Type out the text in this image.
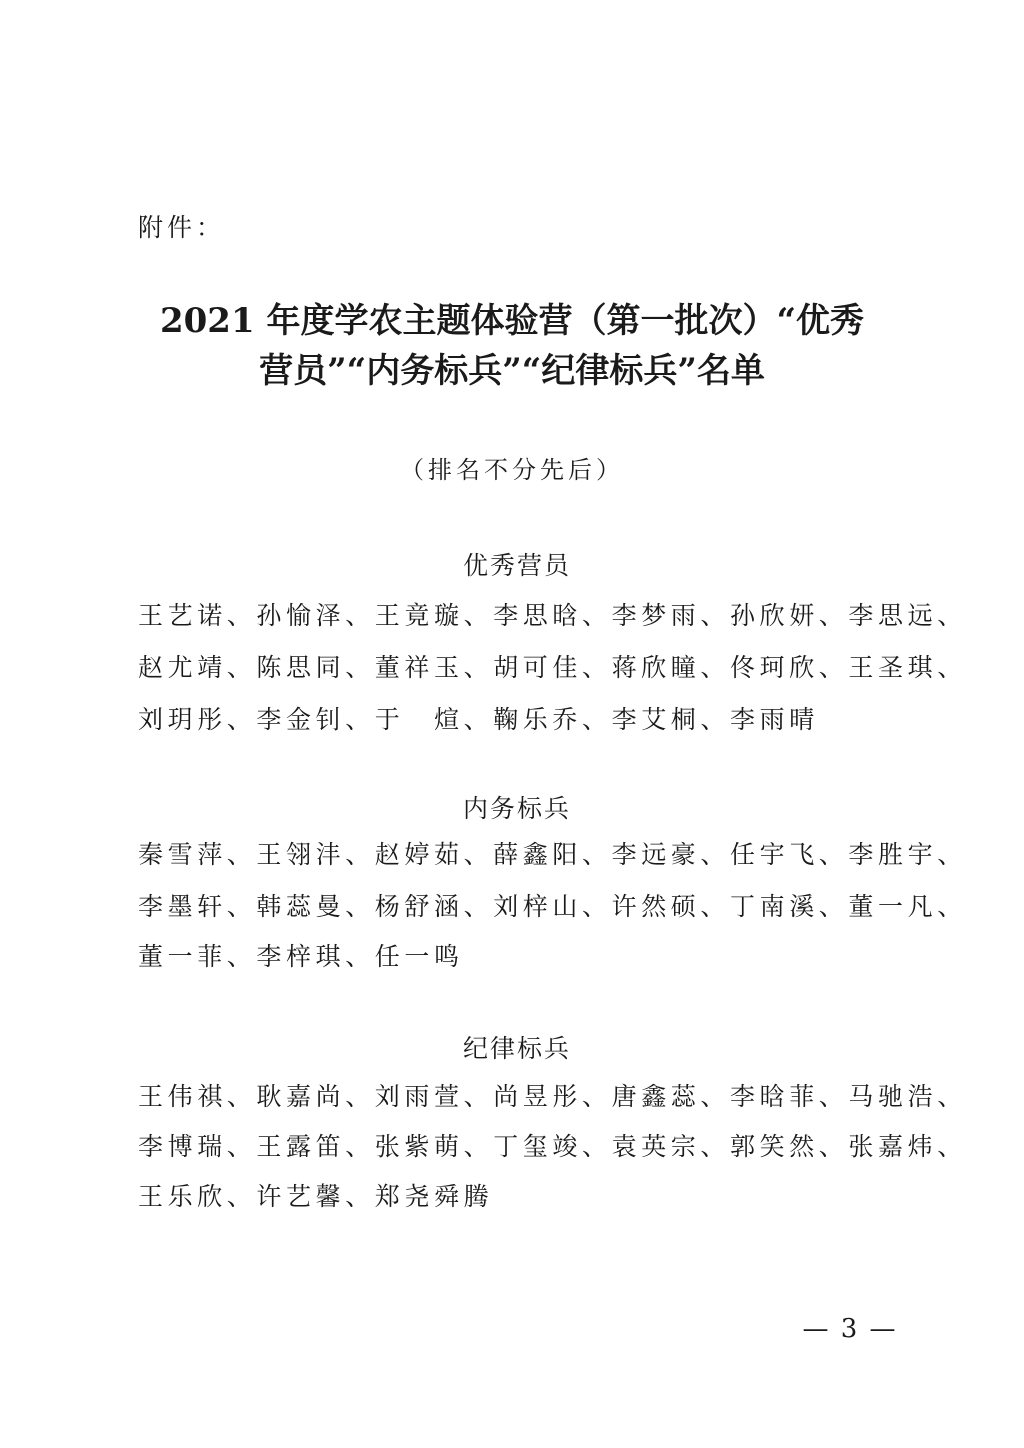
附件：
2021 年度学农主题体验营（第一批次）“优秀
营员”“内务标兵”“纪律标兵”名单
（排名不分先后）
优秀营员
王艺诺、孙愉泽、王竟璇、李思晗、李梦雨、孙欣妍、李思远、
赵尤靖、陈思同、董祥玉、胡可佳、蒋欣瞳、佟珂欣、王圣琪、
刘玥彤、李金钊、于　煊、鞠乐乔、李艾桐、李雨晴
内务标兵
秦雪萍、王翎沣、赵婷茹、薛鑫阳、李远豪、任宇飞、李胜宇、
李墨轩、韩蕊曼、杨舒涵、刘梓山、许然硕、丁南溪、董一凡、
董一菲、李梓琪、任一鸣
纪律标兵
王伟祺、耿嘉尚、刘雨萱、尚昱彤、唐鑫蕊、李晗菲、马驰浩、
李博瑞、王露笛、张紫萌、丁玺竣、袁英宗、郭笑然、张嘉炜、
王乐欣、许艺馨、郑尧舜腾
— 3 —
